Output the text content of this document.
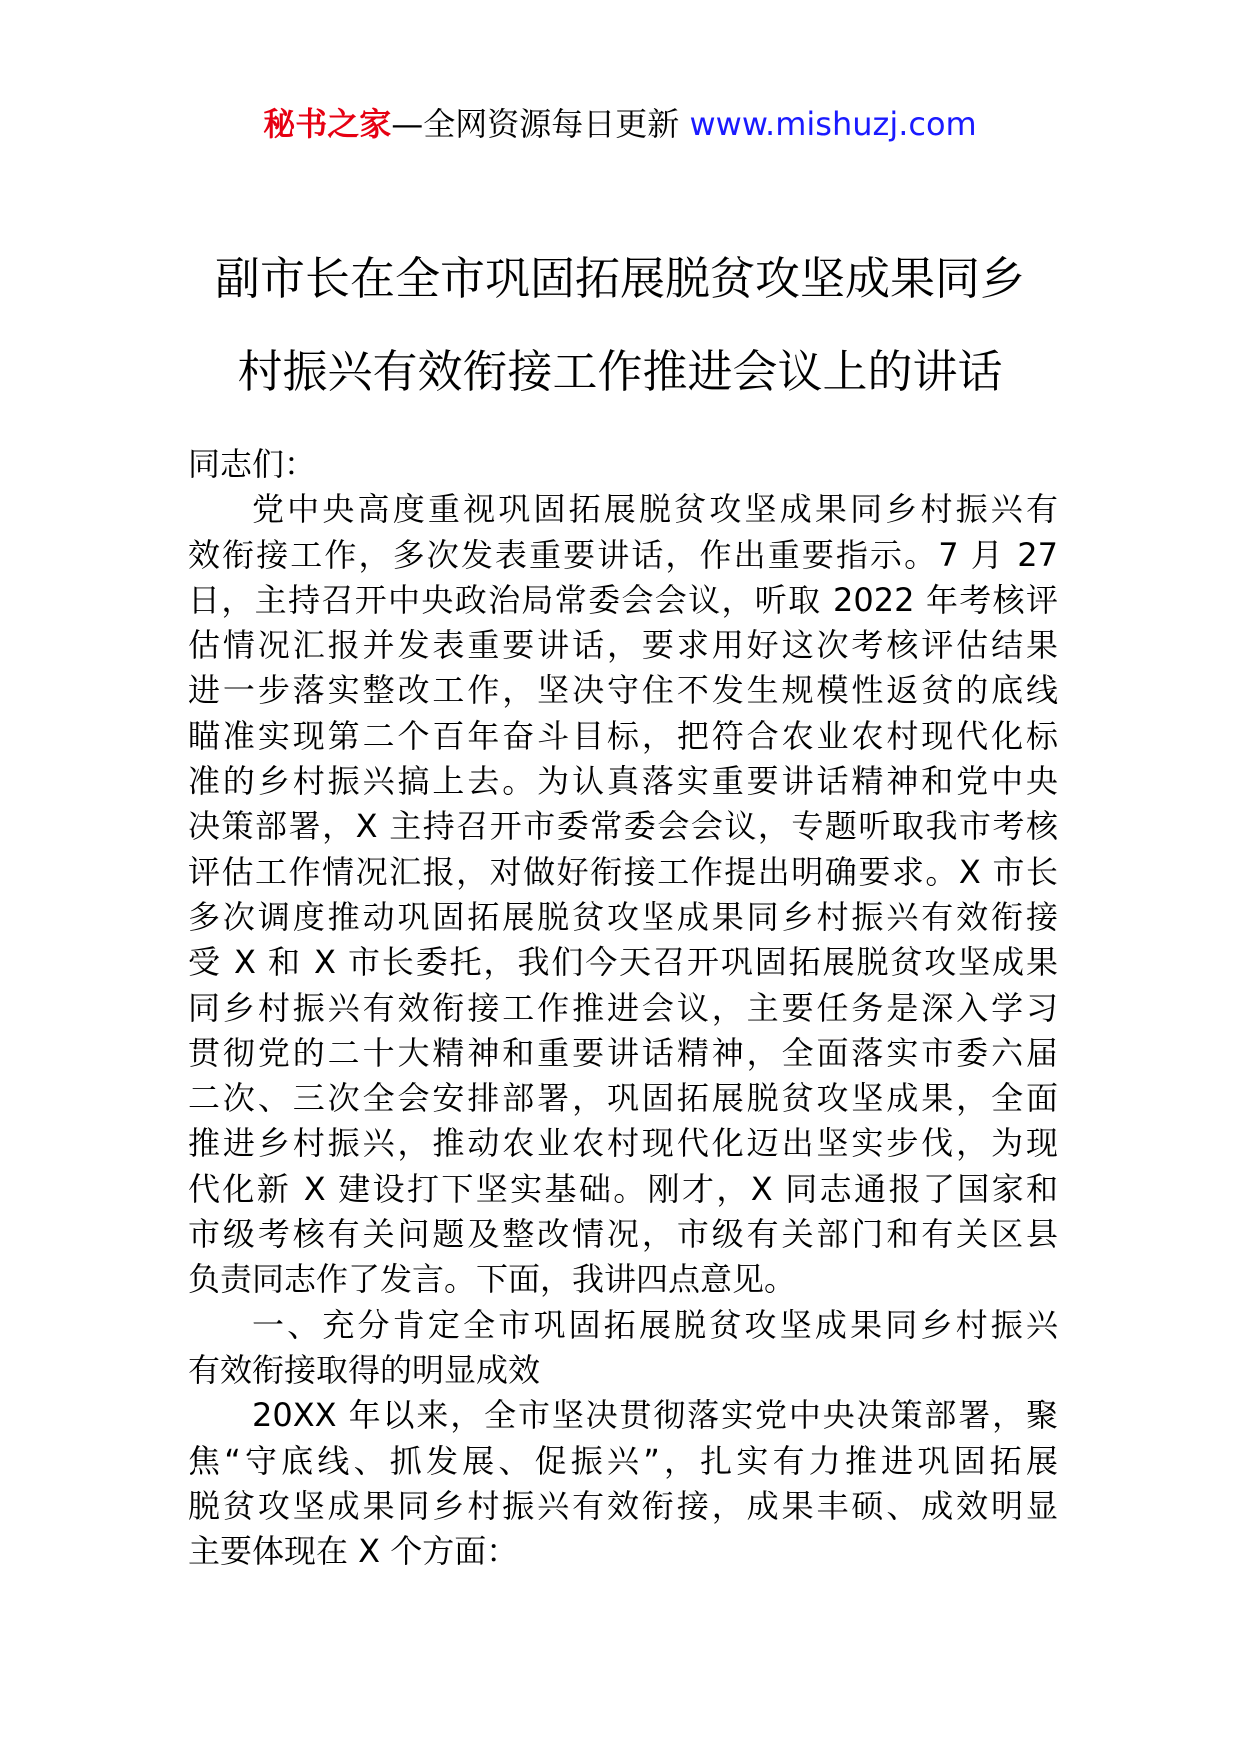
秘书之家—全网资源每日更新 www.mishuzj.com
副市长在全市巩固拓展脱贫攻坚成果同乡
村振兴有效衔接工作推进会议上的讲话
同志们：
党中央高度重视巩固拓展脱贫攻坚成果同乡村振兴有
效衔接工作，多次发表重要讲话，作出重要指示。7 月 27
日，主持召开中央政治局常委会会议，听取 2022 年考核评
估情况汇报并发表重要讲话，要求用好这次考核评估结果
进一步落实整改工作，坚决守住不发生规模性返贫的底线
瞄准实现第二个百年奋斗目标，把符合农业农村现代化标
准的乡村振兴搞上去。为认真落实重要讲话精神和党中央
决策部署，X 主持召开市委常委会会议，专题听取我市考核
评估工作情况汇报，对做好衔接工作提出明确要求。X 市长
多次调度推动巩固拓展脱贫攻坚成果同乡村振兴有效衔接
受 X 和 X 市长委托，我们今天召开巩固拓展脱贫攻坚成果
同乡村振兴有效衔接工作推进会议，主要任务是深入学习
贯彻党的二十大精神和重要讲话精神，全面落实市委六届
二次、三次全会安排部署，巩固拓展脱贫攻坚成果，全面
推进乡村振兴，推动农业农村现代化迈出坚实步伐，为现
代化新 X 建设打下坚实基础。刚才，X 同志通报了国家和
市级考核有关问题及整改情况，市级有关部门和有关区县
负责同志作了发言。下面，我讲四点意见。
一、充分肯定全市巩固拓展脱贫攻坚成果同乡村振兴
有效衔接取得的明显成效
20XX 年以来，全市坚决贯彻落实党中央决策部署，聚
焦“守底线、抓发展、促振兴”，扎实有力推进巩固拓展
脱贫攻坚成果同乡村振兴有效衔接，成果丰硕、成效明显
主要体现在 X 个方面：
